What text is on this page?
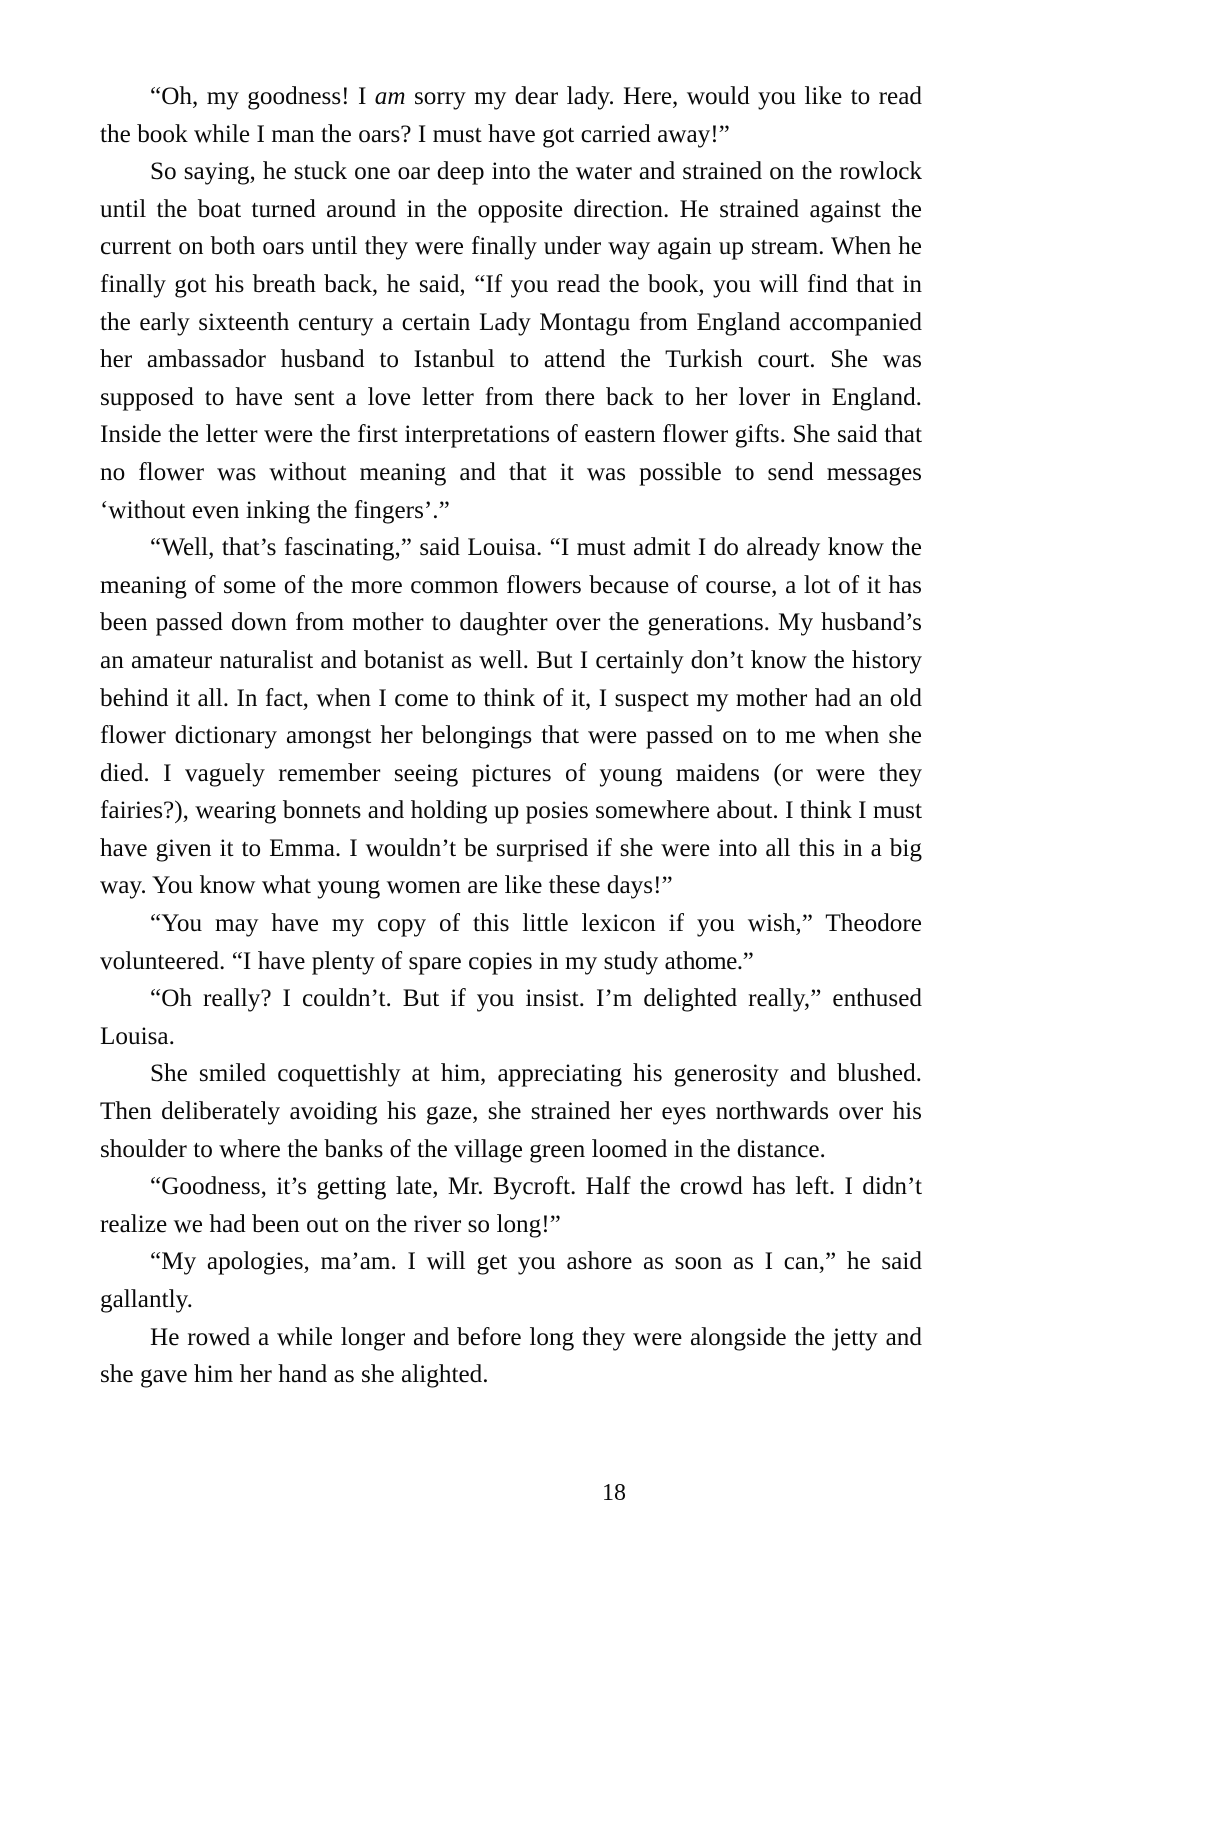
“Oh, my goodness! I am sorry my dear lady. Here, would you like to read the book while I man the oars? I must have got carried away!”

So saying, he stuck one oar deep into the water and strained on the rowlock until the boat turned around in the opposite direction. He strained against the current on both oars until they were finally under way again up stream. When he finally got his breath back, he said, “If you read the book, you will find that in the early sixteenth century a certain Lady Montagu from England accompanied her ambassador husband to Istanbul to attend the Turkish court. She was supposed to have sent a love letter from there back to her lover in England. Inside the letter were the first interpretations of eastern flower gifts. She said that no flower was without meaning and that it was possible to send messages ‘without even inking the fingers’.”

“Well, that’s fascinating,” said Louisa. “I must admit I do already know the meaning of some of the more common flowers because of course, a lot of it has been passed down from mother to daughter over the generations. My husband’s an amateur naturalist and botanist as well. But I certainly don’t know the history behind it all. In fact, when I come to think of it, I suspect my mother had an old flower dictionary amongst her belongings that were passed on to me when she died. I vaguely remember seeing pictures of young maidens (or were they fairies?), wearing bonnets and holding up posies somewhere about. I think I must have given it to Emma. I wouldn’t be surprised if she were into all this in a big way. You know what young women are like these days!”

“You may have my copy of this little lexicon if you wish,” Theodore volunteered. “I have plenty of spare copies in my study athome.”

“Oh really? I couldn’t. But if you insist. I’m delighted really,” enthused Louisa.

She smiled coquettishly at him, appreciating his generosity and blushed. Then deliberately avoiding his gaze, she strained her eyes northwards over his shoulder to where the banks of the village green loomed in the distance.

“Goodness, it’s getting late, Mr. Bycroft. Half the crowd has left. I didn’t realize we had been out on the river so long!”

“My apologies, ma’am. I will get you ashore as soon as I can,” he said gallantly.

He rowed a while longer and before long they were alongside the jetty and she gave him her hand as she alighted.

18
